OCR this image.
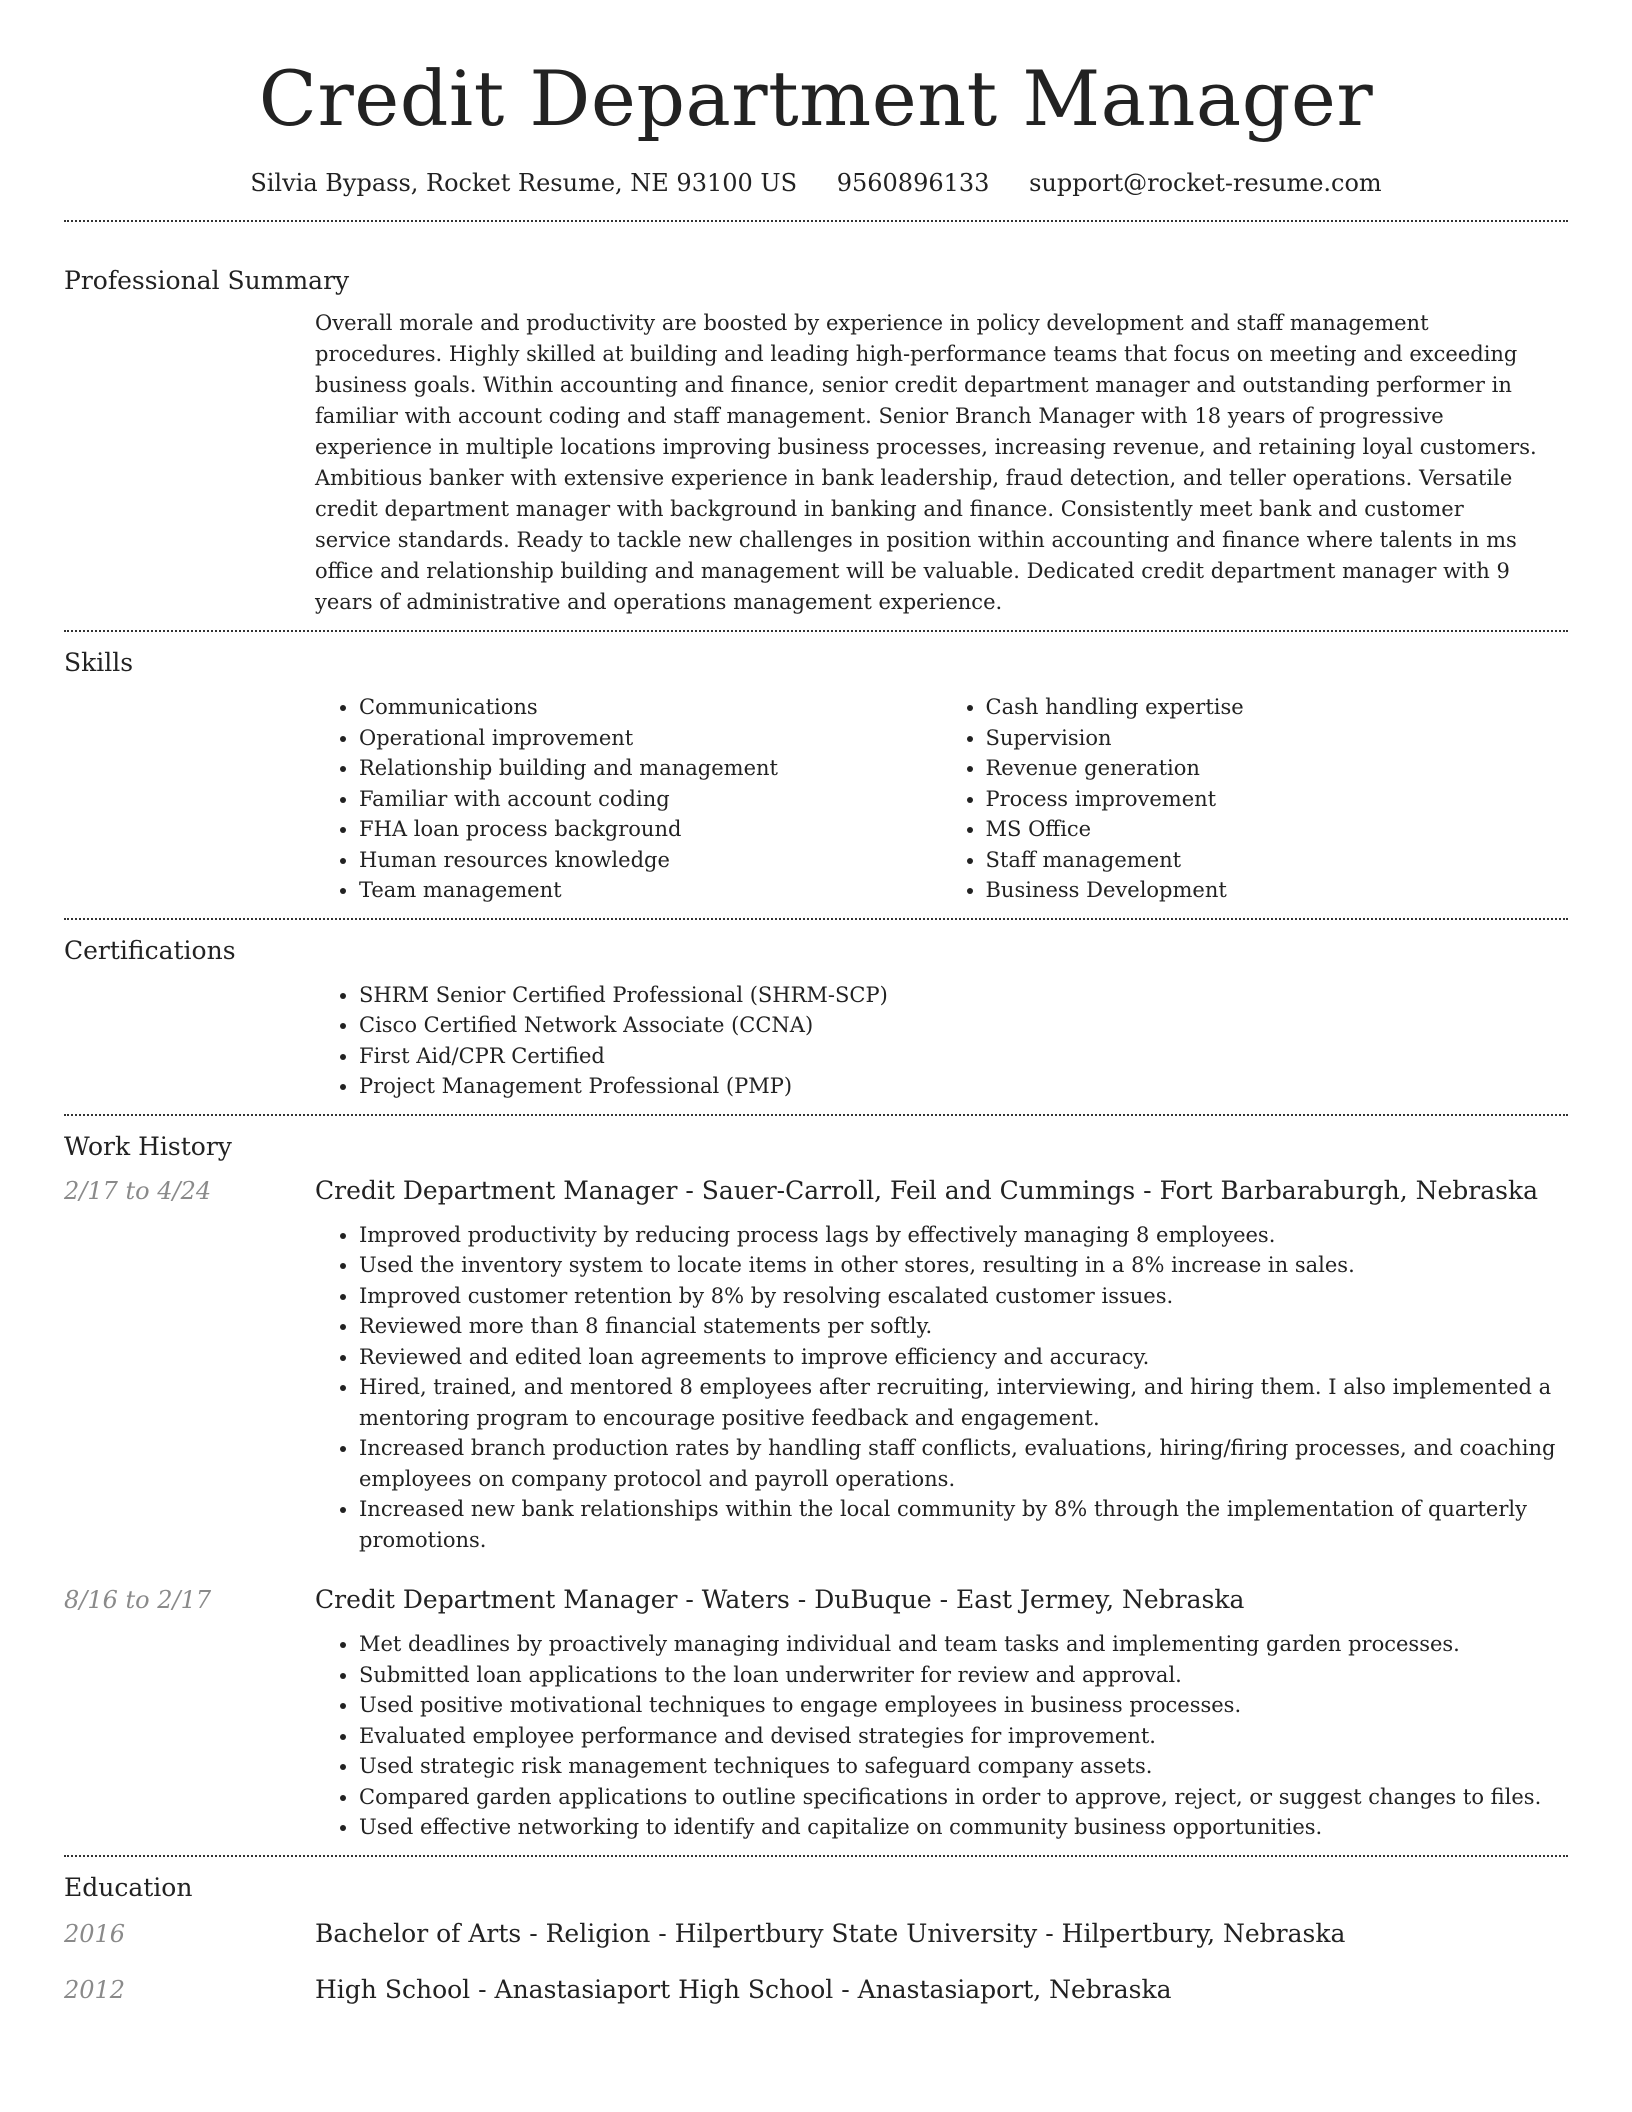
Credit Department Manager
Silvia Bypass, Rocket Resume, NE 93100 US 9560896133 support@rocket-resume.com
Professional Summary
Overall morale and productivity are boosted by experience in policy development and staff management procedures. Highly skilled at building and leading high-performance teams that focus on meeting and exceeding business goals. Within accounting and finance, senior credit department manager and outstanding performer in familiar with account coding and staff management. Senior Branch Manager with 18 years of progressive experience in multiple locations improving business processes, increasing revenue, and retaining loyal customers. Ambitious banker with extensive experience in bank leadership, fraud detection, and teller operations. Versatile credit department manager with background in banking and finance. Consistently meet bank and customer service standards. Ready to tackle new challenges in position within accounting and finance where talents in ms office and relationship building and management will be valuable. Dedicated credit department manager with 9 years of administrative and operations management experience.
Skills
• Communications
• Operational improvement
• Relationship building and management
• Familiar with account coding
• FHA loan process background
• Human resources knowledge
• Team management
• Cash handling expertise
• Supervision
• Revenue generation
• Process improvement
• MS Office
• Staff management
• Business Development
Certifications
• SHRM Senior Certified Professional (SHRM-SCP)
• Cisco Certified Network Associate (CCNA)
• First Aid/CPR Certified
• Project Management Professional (PMP)
Work History
2/17 to 4/24	Credit Department Manager - Sauer-Carroll, Feil and Cummings - Fort Barbaraburgh, Nebraska
• Improved productivity by reducing process lags by effectively managing 8 employees.
• Used the inventory system to locate items in other stores, resulting in a 8% increase in sales.
• Improved customer retention by 8% by resolving escalated customer issues.
• Reviewed more than 8 financial statements per softly.
• Reviewed and edited loan agreements to improve efficiency and accuracy.
• Hired, trained, and mentored 8 employees after recruiting, interviewing, and hiring them. I also implemented a mentoring program to encourage positive feedback and engagement.
• Increased branch production rates by handling staff conflicts, evaluations, hiring/firing processes, and coaching employees on company protocol and payroll operations.
• Increased new bank relationships within the local community by 8% through the implementation of quarterly promotions.
8/16 to 2/17	Credit Department Manager - Waters - DuBuque - East Jermey, Nebraska
• Met deadlines by proactively managing individual and team tasks and implementing garden processes.
• Submitted loan applications to the loan underwriter for review and approval.
• Used positive motivational techniques to engage employees in business processes.
• Evaluated employee performance and devised strategies for improvement.
• Used strategic risk management techniques to safeguard company assets.
• Compared garden applications to outline specifications in order to approve, reject, or suggest changes to files.
• Used effective networking to identify and capitalize on community business opportunities.
Education
2016	Bachelor of Arts - Religion - Hilpertbury State University - Hilpertbury, Nebraska
2012	High School - Anastasiaport High School - Anastasiaport, Nebraska
